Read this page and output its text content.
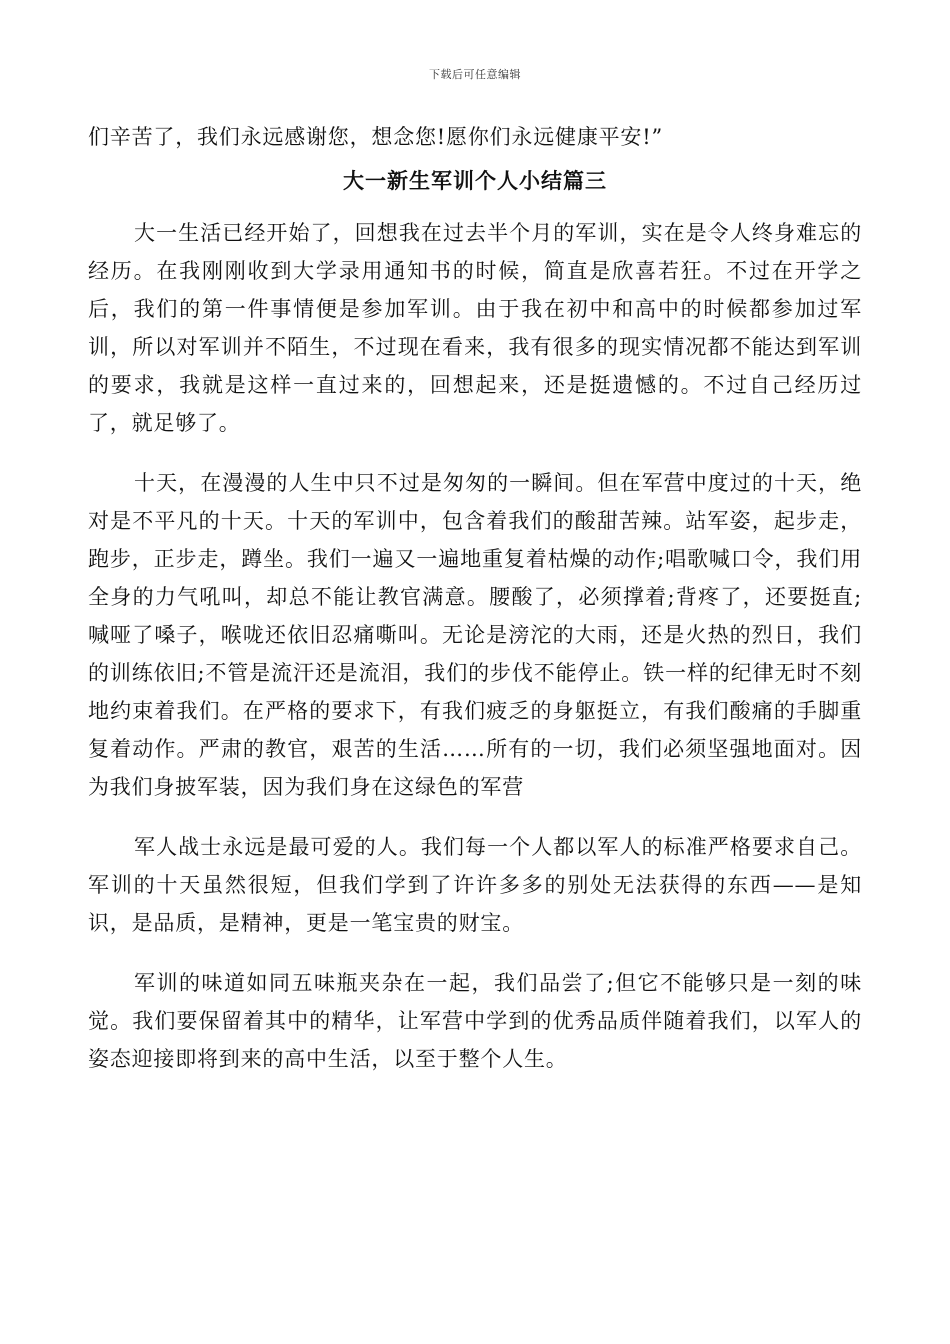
下载后可任意编辑

们辛苦了，我们永远感谢您，想念您!愿你们永远健康平安!”

大一新生军训个人小结篇三

大一生活已经开始了，回想我在过去半个月的军训，实在是令人终身难忘的经历。在我刚刚收到大学录用通知书的时候，简直是欣喜若狂。不过在开学之后，我们的第一件事情便是参加军训。由于我在初中和高中的时候都参加过军训，所以对军训并不陌生，不过现在看来，我有很多的现实情况都不能达到军训的要求，我就是这样一直过来的，回想起来，还是挺遗憾的。不过自己经历过了，就足够了。

十天，在漫漫的人生中只不过是匆匆的一瞬间。但在军营中度过的十天，绝对是不平凡的十天。十天的军训中，包含着我们的酸甜苦辣。站军姿，起步走，跑步，正步走，蹲坐。我们一遍又一遍地重复着枯燥的动作;唱歌喊口令，我们用全身的力气吼叫，却总不能让教官满意。腰酸了，必须撑着;背疼了，还要挺直;喊哑了嗓子，喉咙还依旧忍痛嘶叫。无论是滂沱的大雨，还是火热的烈日，我们的训练依旧;不管是流汗还是流泪，我们的步伐不能停止。铁一样的纪律无时不刻地约束着我们。在严格的要求下，有我们疲乏的身躯挺立，有我们酸痛的手脚重复着动作。严肃的教官，艰苦的生活……所有的一切，我们必须坚强地面对。因为我们身披军装，因为我们身在这绿色的军营

军人战士永远是最可爱的人。我们每一个人都以军人的标准严格要求自己。军训的十天虽然很短，但我们学到了许许多多的别处无法获得的东西——是知识，是品质，是精神，更是一笔宝贵的财宝。

军训的味道如同五味瓶夹杂在一起，我们品尝了;但它不能够只是一刻的味觉。我们要保留着其中的精华，让军营中学到的优秀品质伴随着我们，以军人的姿态迎接即将到来的高中生活，以至于整个人生。
